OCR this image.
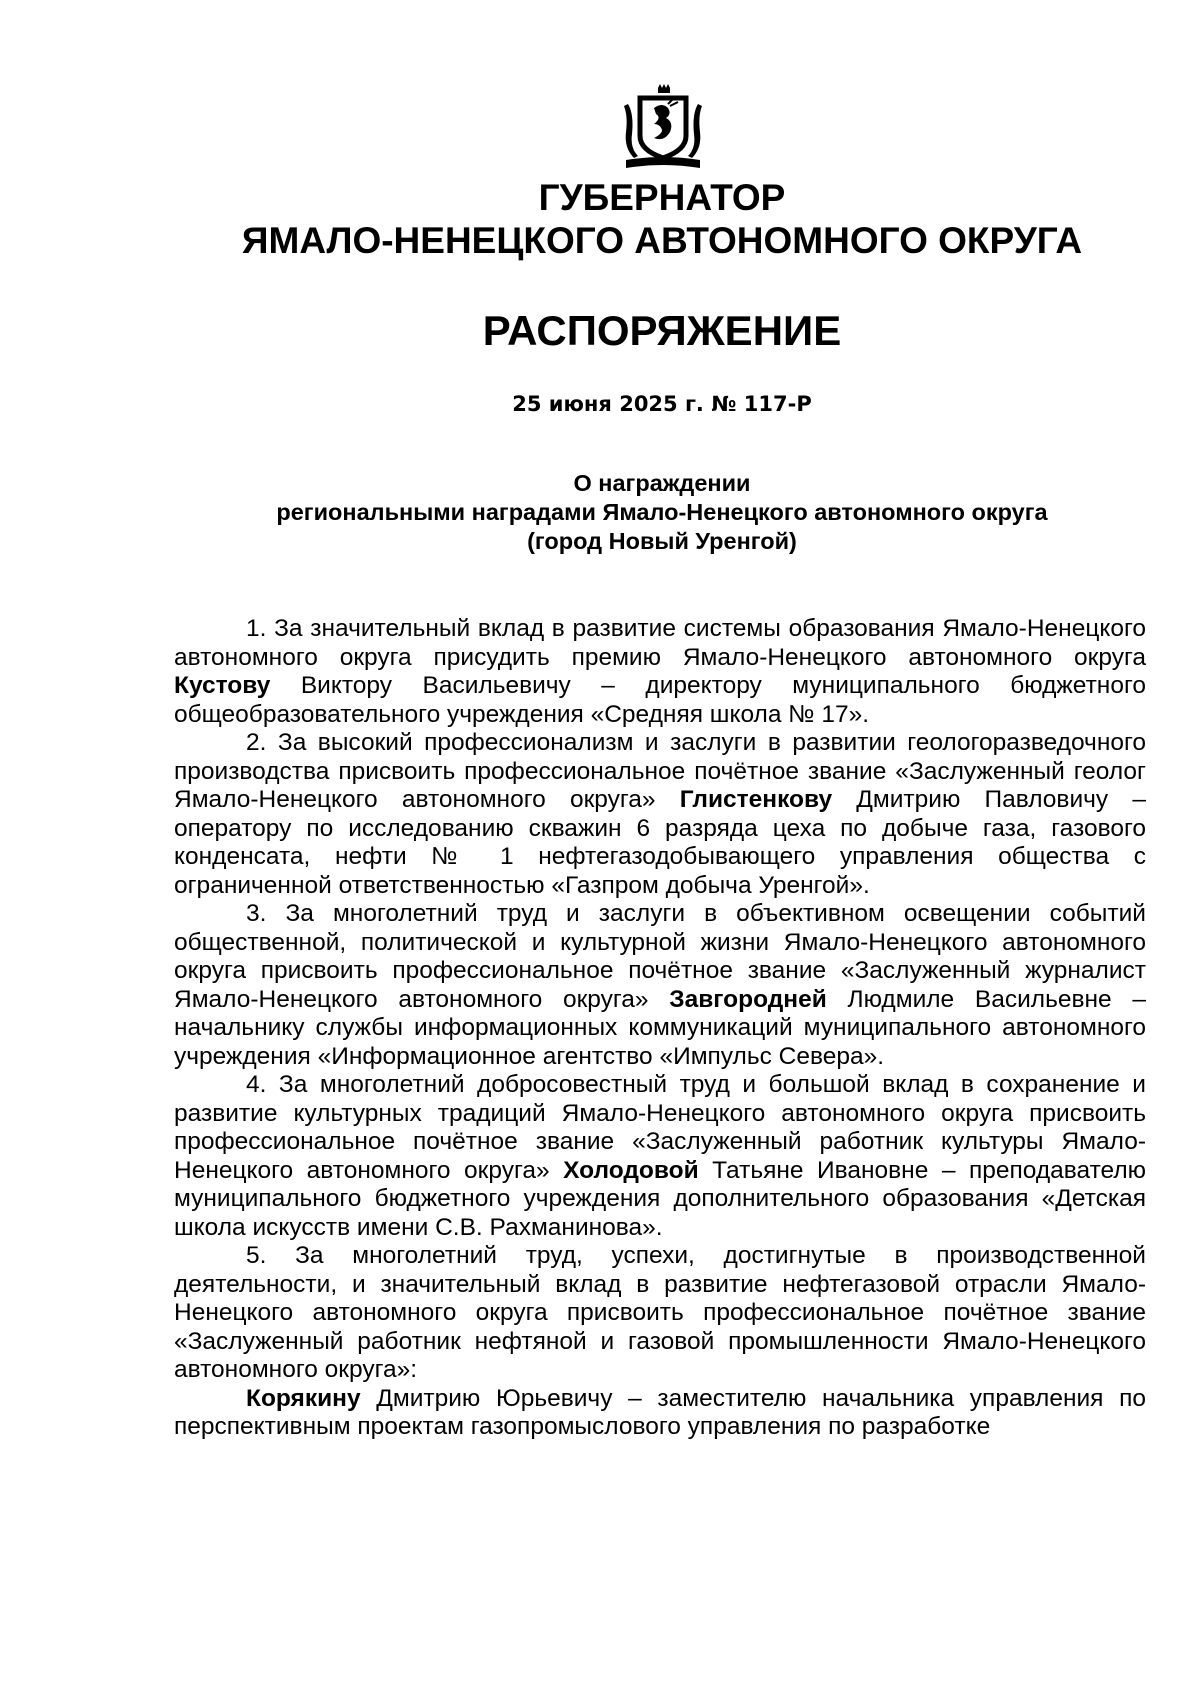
ГУБЕРНАТОР
ЯМАЛО-НЕНЕЦКОГО АВТОНОМНОГО ОКРУГА
РАСПОРЯЖЕНИЕ
25 июня 2025 г. № 117-Р
О награждении
региональными наградами Ямало-Ненецкого автономного округа
(город Новый Уренгой)

1. За значительный вклад в развитие системы образования Ямало-Ненецкого автономного округа присудить премию Ямало-Ненецкого автономного округа Кустову Виктору Васильевичу – директору муниципального бюджетного общеобразовательного учреждения «Средняя школа № 17».

2. За высокий профессионализм и заслуги в развитии геологоразведочного производства присвоить профессиональное почётное звание «Заслуженный геолог Ямало-Ненецкого автономного округа» Глистенкову Дмитрию Павловичу – оператору по исследованию скважин 6 разряда цеха по добыче газа, газового конденсата, нефти № 1 нефтегазодобывающего управления общества с ограниченной ответственностью «Газпром добыча Уренгой».

3. За многолетний труд и заслуги в объективном освещении событий общественной, политической и культурной жизни Ямало-Ненецкого автономного округа присвоить профессиональное почётное звание «Заслуженный журналист Ямало-Ненецкого автономного округа» Завгородней Людмиле Васильевне – начальнику службы информационных коммуникаций муниципального автономного учреждения «Информационное агентство «Импульс Севера».

4. За многолетний добросовестный труд и большой вклад в сохранение и развитие культурных традиций Ямало-Ненецкого автономного округа присвоить профессиональное почётное звание «Заслуженный работник культуры Ямало-Ненецкого автономного округа» Холодовой Татьяне Ивановне – преподавателю муниципального бюджетного учреждения дополнительного образования «Детская школа искусств имени С.В. Рахманинова».

5. За многолетний труд, успехи, достигнутые в производственной деятельности, и значительный вклад в развитие нефтегазовой отрасли Ямало-Ненецкого автономного округа присвоить профессиональное почётное звание «Заслуженный работник нефтяной и газовой промышленности Ямало-Ненецкого автономного округа»:

Корякину Дмитрию Юрьевичу – заместителю начальника управления по перспективным проектам газопромыслового управления по разработке
